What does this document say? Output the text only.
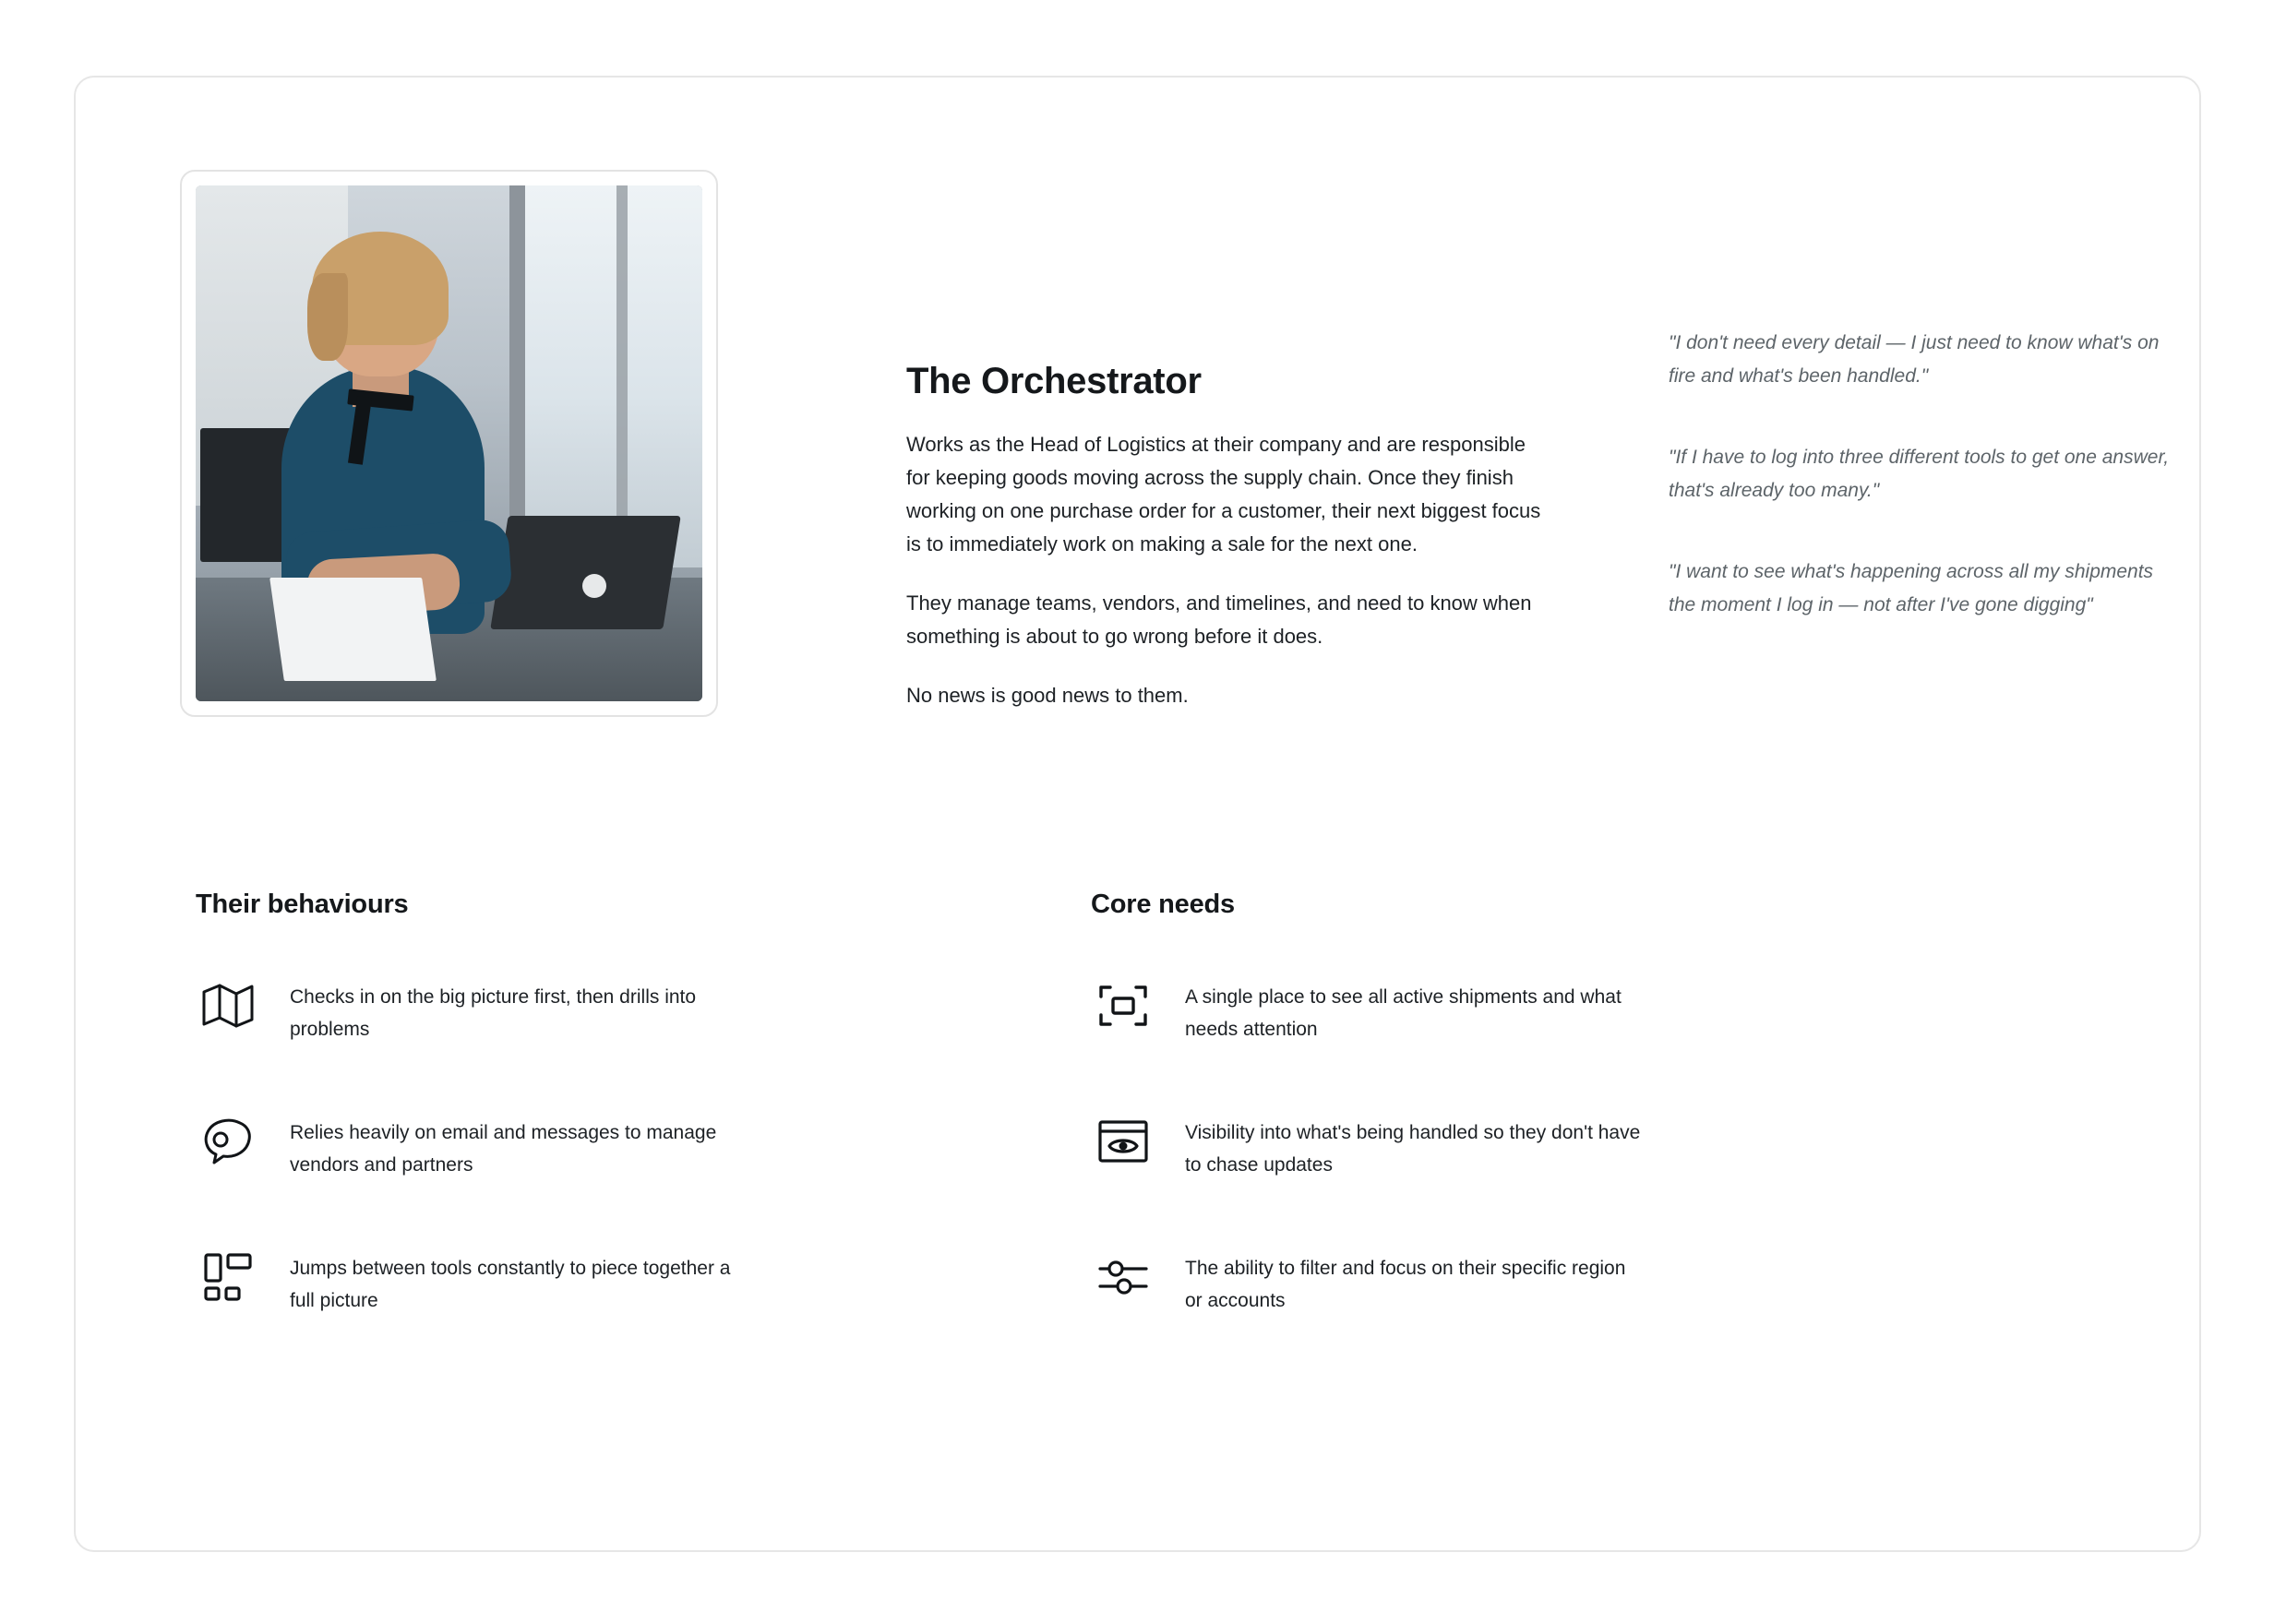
The Orchestrator

Works as the Head of Logistics at their company and are responsible for keeping goods moving across the supply chain. Once they finish working on one purchase order for a customer, their next biggest focus is to immediately work on making a sale for the next one.

They manage teams, vendors, and timelines, and need to know when something is about to go wrong before it does.

No news is good news to them.

"I don't need every detail — I just need to know what's on fire and what's been handled."
"If I have to log into three different tools to get one answer, that's already too many."
"I want to see what's happening across all my shipments the moment I log in — not after I've gone digging"
Their behaviours
Checks in on the big picture first, then drills into problems
Relies heavily on email and messages to manage vendors and partners
Jumps between tools constantly to piece together a full picture
Core needs
A single place to see all active shipments and what needs attention
Visibility into what's being handled so they don't have to chase updates
The ability to filter and focus on their specific region or accounts
